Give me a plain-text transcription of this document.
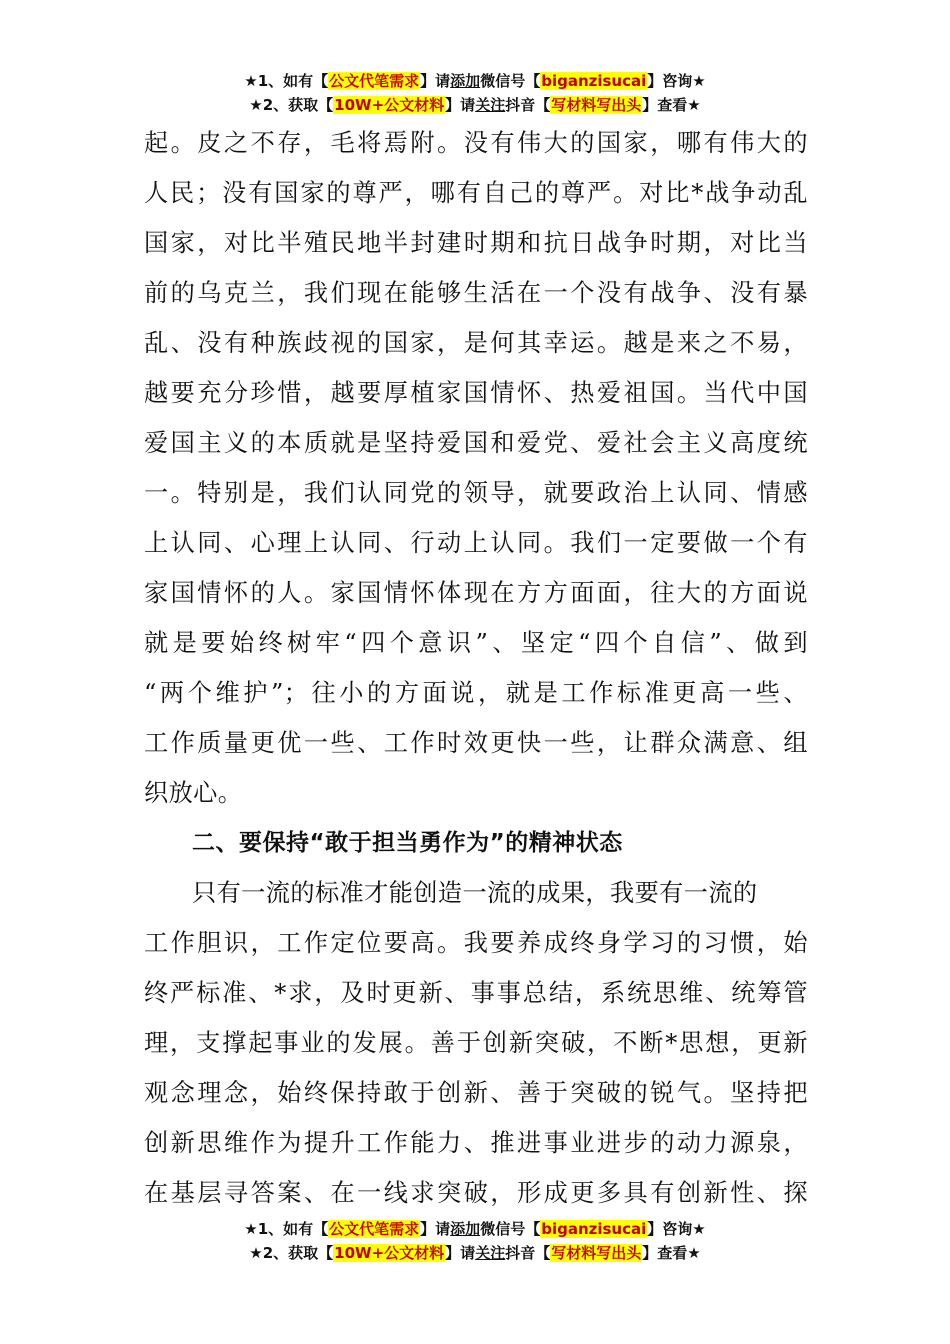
★1、如有【公文代笔需求】请添加微信号【biganzisucai】咨询★
★2、获取【10W+公文材料】请关注抖音【写材料写出头】查看★
起。皮之不存，毛将焉附。没有伟大的国家，哪有伟大的
人民；没有国家的尊严，哪有自己的尊严。对比*战争动乱
国家，对比半殖民地半封建时期和抗日战争时期，对比当
前的乌克兰，我们现在能够生活在一个没有战争、没有暴
乱、没有种族歧视的国家，是何其幸运。越是来之不易，
越要充分珍惜，越要厚植家国情怀、热爱祖国。当代中国
爱国主义的本质就是坚持爱国和爱党、爱社会主义高度统
一。特别是，我们认同党的领导，就要政治上认同、情感
上认同、心理上认同、行动上认同。我们一定要做一个有
家国情怀的人。家国情怀体现在方方面面，往大的方面说
就是要始终树牢“四个意识”、坚定“四个自信”、做到
“两个维护”；往小的方面说，就是工作标准更高一些、
工作质量更优一些、工作时效更快一些，让群众满意、组
织放心。
二、要保持“敢于担当勇作为”的精神状态
只有一流的标准才能创造一流的成果，我要有一流的
工作胆识，工作定位要高。我要养成终身学习的习惯，始
终严标准、*求，及时更新、事事总结，系统思维、统筹管
理，支撑起事业的发展。善于创新突破，不断*思想，更新
观念理念，始终保持敢于创新、善于突破的锐气。坚持把
创新思维作为提升工作能力、推进事业进步的动力源泉，
在基层寻答案、在一线求突破，形成更多具有创新性、探
★1、如有【公文代笔需求】请添加微信号【biganzisucai】咨询★
★2、获取【10W+公文材料】请关注抖音【写材料写出头】查看★
